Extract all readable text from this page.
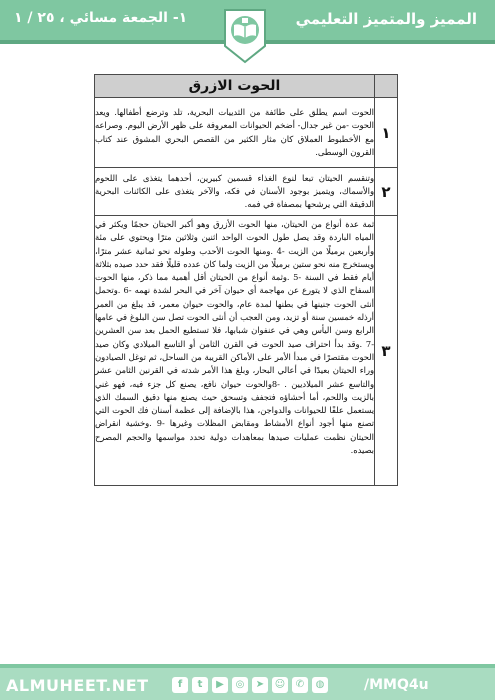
المميز والمتميز التعليمي
١- الجمعة مسائي ، ٢٥ / ١
الحوت الازرق	
الحوت اسم يطلق على طائفة من الثدييات البحرية، تلد وترضع أطفالها. ويعد الحوت -من غير جدال- أضخم الحيوانات المعروفة على ظهر الأرض اليوم. وصراعه مع الأخطبوط العملاق كان مثار الكثير من القصص البحري المشوق عند كتاب القرون الوسطى.	١
وتنقسم الحيتان تبعا لنوع الغذاء قسمين كبيرين، أحدهما يتغذى على اللحوم والأسماك، ويتميز بوجود الأسنان في فكه، والآخر يتغذى على الكائنات البحرية الدقيقة التي يرشحها بمصفاة في فمه.	٢
ثمة عدة أنواع من الحيتان، منها الحوت الأزرق وهو أكبر الحيتان حجمًا ويكثر في المياه الباردة وقد يصل طول الحوت الواحد اثنين وثلاثين مترًا ويحتوي على مئة وأربعين برميلًا من الزيت -4 .ومنها الحوت الأحدب وطوله نحو ثمانية عشر مترًا، ويستخرج منه نحو ستين برميلًا من الزيت ولما كان عدده قليلًا فقد حدد صيده بثلاثة أيام فقط في السنة -5 .وثمة أنواع من الحيتان أقل أهمية مما ذكر، منها الحوت السفاح الذي لا يتورع عن مهاجمة أي حيوان آخر في البحر لشدة نهمه -6 .وتحمل أنثى الحوت جنينها في بطنها لمدة عام، والحوت حيوان معمر، قد يبلغ من العمر أرذله خمسين سنة أو تزيد، ومن العجب أن أنثى الحوت تصل سن البلوغ في عامها الرابع وسن اليأس وهي في عنفوان شبابها، فلا تستطيع الحمل بعد سن العشرين -7 .وقد بدأ احتراف صيد الحوت في القرن الثامن أو التاسع الميلادي وكان صيد الحوت مقتصرًا في مبدأ الأمر على الأماكن القريبة من الساحل، ثم توغل الصيادون وراء الحيتان بعيدًا في أعالي البحار، وبلغ هذا الأمر شدته في القرنين الثامن عشر والتاسع عشر الميلاديين . -8والحوت حيوان نافع، يصنع كل جزء فيه، فهو غني بالزيت واللحم، أما أحشاؤه فتجفف وتسحق حيث يصنع منها دقيق السمك الذي يستعمل علفًا للحيوانات والدواجن، هذا بالإضافة إلى عظمة أسنان فك الحوت التي تصنع منها أجود أنواع الأمشاط ومقابض المظلات وغيرها -9 .وخشية انقراض الحيتان نظمت عمليات صيدها بمعاهدات دولية تحدد مواسمها والحجم المصرح بصيده.	٣
ALMUHEET.NET	f	t	▶	◎	➤	☺	✆	◍	/MMQ4u
